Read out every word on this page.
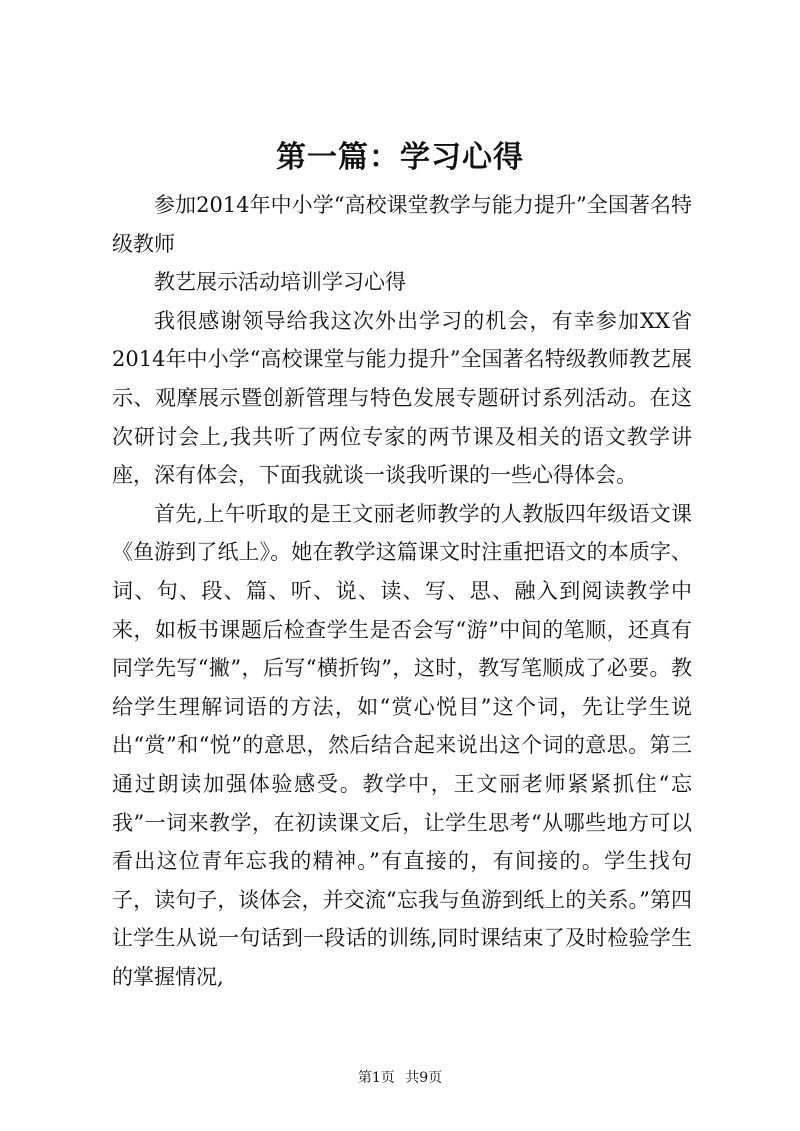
第一篇：学习心得

参加2014年中小学“高校课堂教学与能力提升”全国著名特级教师

教艺展示活动培训学习心得

我很感谢领导给我这次外出学习的机会，有幸参加XX省2014年中小学“高校课堂与能力提升”全国著名特级教师教艺展示、观摩展示暨创新管理与特色发展专题研讨系列活动。在这次研讨会上,我共听了两位专家的两节课及相关的语文教学讲座，深有体会，下面我就谈一谈我听课的一些心得体会。

首先,上午听取的是王文丽老师教学的人教版四年级语文课《鱼游到了纸上》。她在教学这篇课文时注重把语文的本质字、词、句、段、篇、听、说、读、写、思、融入到阅读教学中来，如板书课题后检查学生是否会写“游”中间的笔顺，还真有同学先写“撇”，后写“横折钩”，这时，教写笔顺成了必要。教给学生理解词语的方法，如“赏心悦目”这个词，先让学生说出“赏”和“悦”的意思，然后结合起来说出这个词的意思。第三通过朗读加强体验感受。教学中，王文丽老师紧紧抓住“忘我”一词来教学，在初读课文后，让学生思考“从哪些地方可以看出这位青年忘我的精神。”有直接的，有间接的。学生找句子，读句子，谈体会，并交流“忘我与鱼游到纸上的关系。”第四让学生从说一句话到一段话的训练,同时课结束了及时检验学生的掌握情况,

第1页 共9页
